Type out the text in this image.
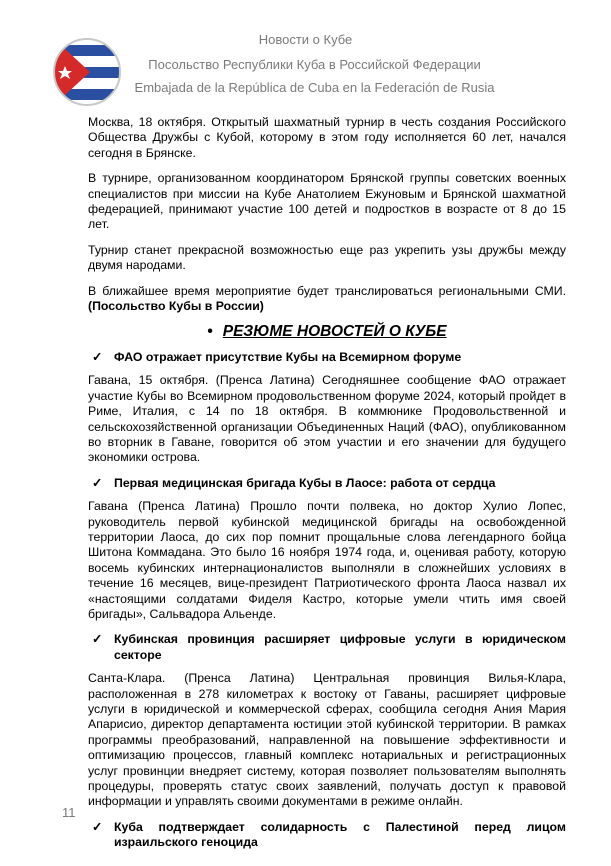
Новости о Кубе
Посольство Республики Куба в Российской Федерации
Embajada de la República de Cuba en la Federación de Rusia

Москва, 18 октября. Открытый шахматный турнир в честь создания Российского Общества Дружбы с Кубой, которому в этом году исполняется 60 лет, начался сегодня в Брянске.

В турнире, организованном координатором Брянской группы советских военных специалистов при миссии на Кубе Анатолием Ежуновым и Брянской шахматной федерацией, принимают участие 100 детей и подростков в возрасте от 8 до 15 лет.

Турнир станет прекрасной возможностью еще раз укрепить узы дружбы между двумя народами.

В ближайшее время мероприятие будет транслироваться региональными СМИ. (Посольство Кубы в России)

• РЕЗЮМЕ НОВОСТЕЙ О КУБЕ
✓ ФАО отражает присутствие Кубы на Всемирном форуме

Гавана, 15 октября. (Пренса Латина) Сегодняшнее сообщение ФАО отражает участие Кубы во Всемирном продовольственном форуме 2024, который пройдет в Риме, Италия, с 14 по 18 октября. В коммюнике Продовольственной и сельскохозяйственной организации Объединенных Наций (ФАО), опубликованном во вторник в Гаване, говорится об этом участии и его значении для будущего экономики острова.

✓ Первая медицинская бригада Кубы в Лаосе: работа от сердца

Гавана (Пренса Латина) Прошло почти полвека, но доктор Хулио Лопес, руководитель первой кубинской медицинской бригады на освобожденной территории Лаоса, до сих пор помнит прощальные слова легендарного бойца Шитона Коммадана. Это было 16 ноября 1974 года, и, оценивая работу, которую восемь кубинских интернационалистов выполняли в сложнейших условиях в течение 16 месяцев, вице-президент Патриотического фронта Лаоса назвал их «настоящими солдатами Фиделя Кастро, которые умели чтить имя своей бригады», Сальвадора Альенде.

✓ Кубинская провинция расширяет цифровые услуги в юридическом секторе

Санта-Клара. (Пренса Латина) Центральная провинция Вилья-Клара, расположенная в 278 километрах к востоку от Гаваны, расширяет цифровые услуги в юридической и коммерческой сферах, сообщила сегодня Ания Мария Апарисио, директор департамента юстиции этой кубинской территории. В рамках программы преобразований, направленной на повышение эффективности и оптимизацию процессов, главный комплекс нотариальных и регистрационных услуг провинции внедряет систему, которая позволяет пользователям выполнять процедуры, проверять статус своих заявлений, получать доступ к правовой информации и управлять своими документами в режиме онлайн.

✓ Куба подтверждает солидарность с Палестиной перед лицом израильского геноцида
11
